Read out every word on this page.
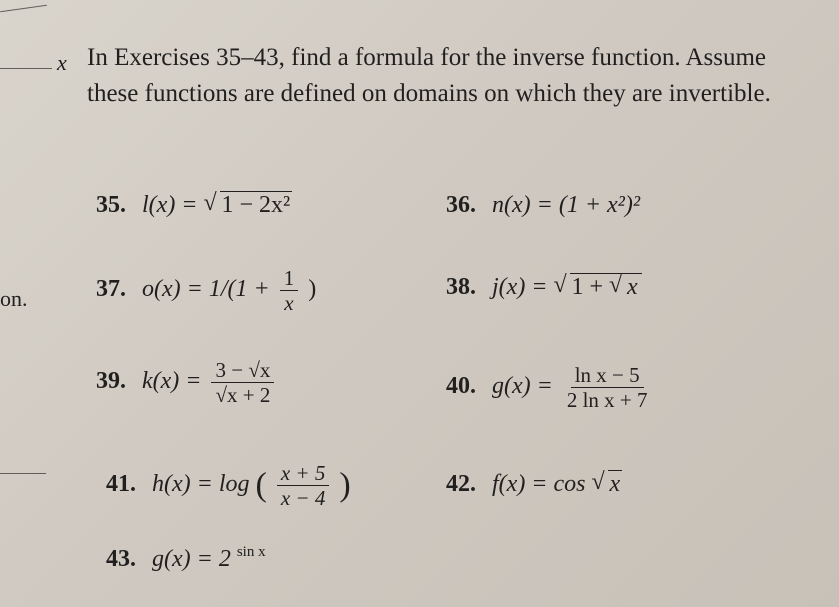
x
on.
In Exercises 35–43, find a formula for the inverse function. Assume these functions are defined on domains on which they are invertible.
35. l(x) = √ 1 − 2x²	36. n(x) = (1 + x²)²
37. $o(x) = 1/(1 + \frac{1}{x}$ )	38. j(x) = √ 1 + √ x
39. $k(x) = \frac{3 - √x}{√x + 2}$	40. $g(x) = \frac{\text{ln x − 5}}{\text{2 ln x + 7}}$
41. h(x) = log ( $\frac{x + 5}{x - 4}$ )	42. f(x) = cos √ x
43. g(x) = 2 $^{sin x}$
